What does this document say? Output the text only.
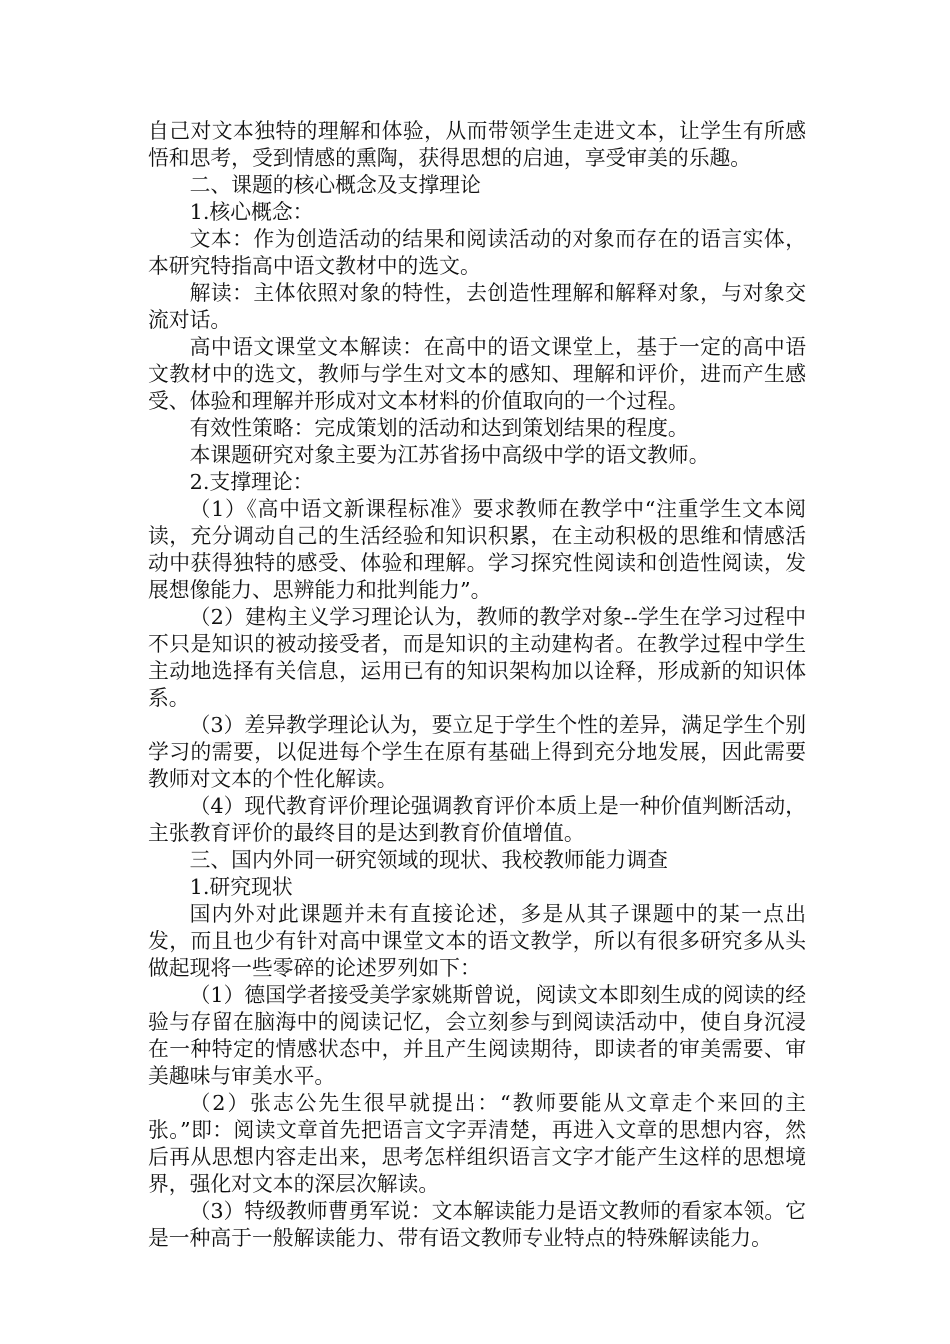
自己对文本独特的理解和体验，从而带领学生走进文本，让学生有所感悟和思考，受到情感的熏陶，获得思想的启迪，享受审美的乐趣。

二、课题的核心概念及支撑理论

1.核心概念：

文本：作为创造活动的结果和阅读活动的对象而存在的语言实体，本研究特指高中语文教材中的选文。

解读：主体依照对象的特性，去创造性理解和解释对象，与对象交流对话。

高中语文课堂文本解读：在高中的语文课堂上，基于一定的高中语文教材中的选文，教师与学生对文本的感知、理解和评价，进而产生感受、体验和理解并形成对文本材料的价值取向的一个过程。

有效性策略：完成策划的活动和达到策划结果的程度。

本课题研究对象主要为江苏省扬中高级中学的语文教师。

2.支撑理论：

（1）《高中语文新课程标准》要求教师在教学中“注重学生文本阅读，充分调动自己的生活经验和知识积累，在主动积极的思维和情感活动中获得独特的感受、体验和理解。学习探究性阅读和创造性阅读，发展想像能力、思辨能力和批判能力”。

（2）建构主义学习理论认为，教师的教学对象--学生在学习过程中不只是知识的被动接受者，而是知识的主动建构者。在教学过程中学生主动地选择有关信息，运用已有的知识架构加以诠释，形成新的知识体系。

（3）差异教学理论认为，要立足于学生个性的差异，满足学生个别学习的需要，以促进每个学生在原有基础上得到充分地发展，因此需要教师对文本的个性化解读。

（4）现代教育评价理论强调教育评价本质上是一种价值判断活动，主张教育评价的最终目的是达到教育价值增值。

三、国内外同一研究领域的现状、我校教师能力调查

1.研究现状

国内外对此课题并未有直接论述，多是从其子课题中的某一点出发，而且也少有针对高中课堂文本的语文教学，所以有很多研究多从头做起现将一些零碎的论述罗列如下：

（1）德国学者接受美学家姚斯曾说，阅读文本即刻生成的阅读的经验与存留在脑海中的阅读记忆，会立刻参与到阅读活动中，使自身沉浸在一种特定的情感状态中，并且产生阅读期待，即读者的审美需要、审美趣味与审美水平。

（2）张志公先生很早就提出：“教师要能从文章走个来回的主张。”即：阅读文章首先把语言文字弄清楚，再进入文章的思想内容，然后再从思想内容走出来，思考怎样组织语言文字才能产生这样的思想境界，强化对文本的深层次解读。

（3）特级教师曹勇军说：文本解读能力是语文教师的看家本领。它是一种高于一般解读能力、带有语文教师专业特点的特殊解读能力。
